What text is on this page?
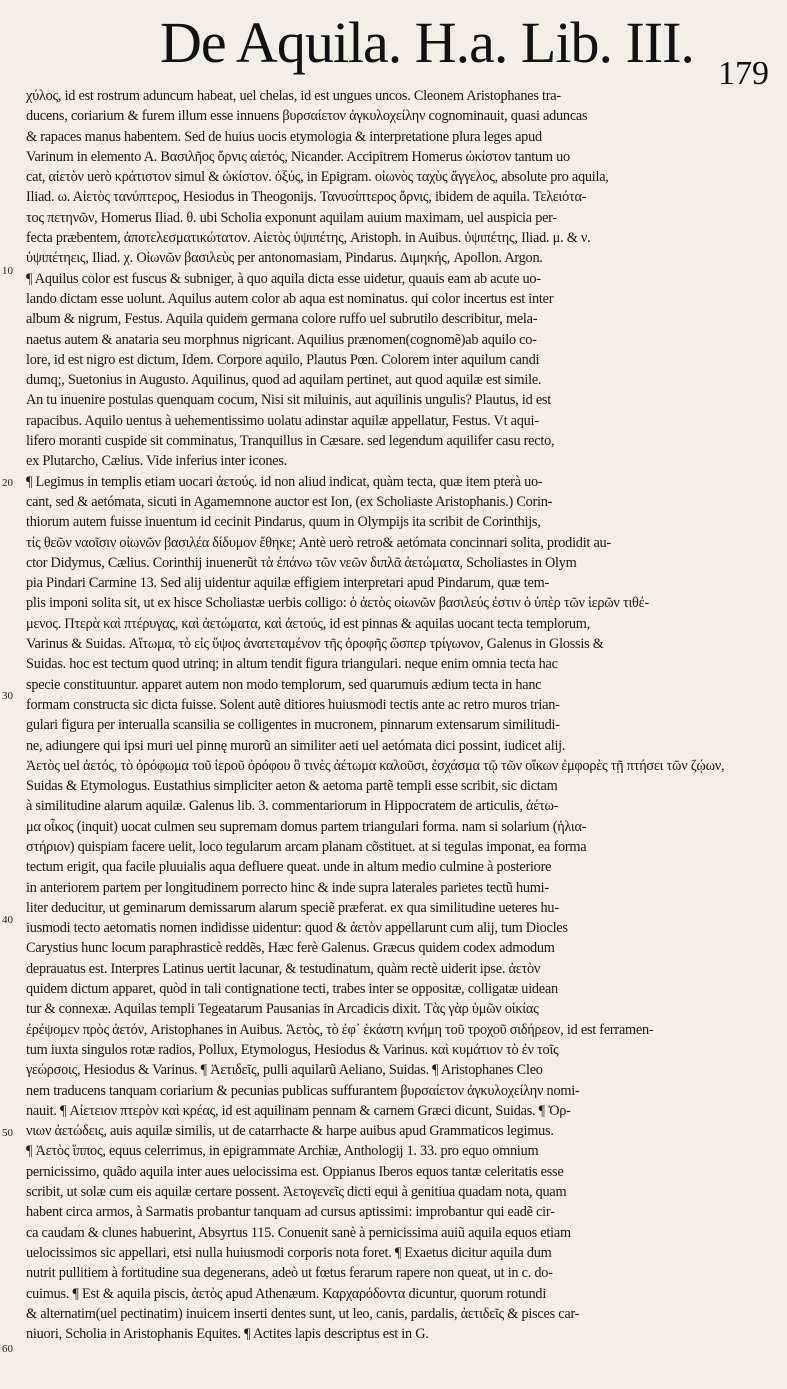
De Aquila. H.a. Lib. III. 179
10
20
30
40
50
60
χύλος, id est rostrum aduncum habeat, uel chelas, id est ungues uncos. Cleonem Aristophanes tra-
ducens, coriarium & furem illum esse innuens βυρσαίετον ἀγκυλοχείλην cognominauit, quasi aduncas
& rapaces manus habentem. Sed de huius uocis etymologia & interpretatione plura leges apud
Varinum in elemento A. Βασιλῆος ὄρνις αἰετός, Nicander. Accipitrem Homerus ὠκίστον tantum uo
cat, αἰετὸν uerò κράτιστον simul & ὠκίστον. ὀξύς, in Epigram. οἰωνὸς ταχὺς ἄγγελος, absolute pro aquila,
Iliad. ω. Αἰετὸς τανύπτερος, Hesiodus in Theogonijs. Τανυσίπτερος ὄρνις, ibidem de aquila. Τελειότα-
τος πετηνῶν, Homerus Iliad. θ. ubi Scholia exponunt aquilam auium maximam, uel auspicia per-
fecta præbentem, ἀποτελεσματικώτατον. Αἰετὸς ὑψιπέτης, Aristoph. in Auibus. ὑψιπέτης, Iliad. μ. & ν.
ὑψιπέτηεις, Iliad. χ. Οἰωνῶν βασιλεὺς per antonomasiam, Pindarus. Διμηκής, Apollon. Argon.
¶ Aquilus color est fuscus & subniger, à quo aquila dicta esse uidetur, quauis eam ab acute uo-
lando dictam esse uolunt. Aquilus autem color ab aqua est nominatus. qui color incertus est inter
album & nigrum, Festus. Aquila quidem germana colore ruffo uel subrutilo describitur, mela-
naetus autem & anataria seu morphnus nigricant. Aquilius prænomen(cognomẽ)ab aquilo co-
lore, id est nigro est dictum, Idem. Corpore aquilo, Plautus Pœn. Colorem inter aquilum candi
dumq;, Suetonius in Augusto. Aquilinus, quod ad aquilam pertinet, aut quod aquilæ est simile.
An tu inuenire postulas quenquam cocum, Nisi sit miluinis, aut aquilinis ungulis? Plautus, id est
rapacibus. Aquilo uentus à uehementissimo uolatu adinstar aquilæ appellatur, Festus. Vt aqui-
lifero moranti cuspide sit comminatus, Tranquillus in Cæsare. sed legendum aquilifer casu recto,
ex Plutarcho, Cælius. Vide inferius inter icones.
¶ Legimus in templis etiam uocari ἀετούς. id non aliud indicat, quàm tecta, quæ item pterà uo-
cant, sed & aetómata, sicuti in Agamemnone auctor est Ion, (ex Scholiaste Aristophanis.) Corin-
thiorum autem fuisse inuentum id cecinit Pindarus, quum in Olympijs ita scribit de Corinthijs,
τίς θεῶν ναοῖσιν οἰωνῶν βασιλέα δίδυμον ἔθηκε; Antè uerò retro& aetómata concinnari solita, prodidit au-
ctor Didymus, Cælius. Corinthij inuenerũt τὰ ἐπάνω τῶν νεῶν διπλᾶ ἀετώματα, Scholiastes in Olym
pia Pindari Carmine 13. Sed alij uidentur aquilæ effigiem interpretari apud Pindarum, quæ tem-
plis imponi solita sit, ut ex hisce Scholiastæ uerbis colligo: ὁ ἀετὸς οἰωνῶν βασιλεύς ἐστιν ὁ ὑπὲρ τῶν ἱερῶν τιθέ-
μενος. Πτερὰ καὶ πτέρυγας, καὶ ἀετώματα, καὶ ἀετούς, id est pinnas & aquilas uocant tecta templorum,
Varinus & Suidas. Αἴτωμα, τὸ εἰς ὕψος ἀνατεταμένον τῆς ὀροφῆς ὥσπερ τρίγωνον, Galenus in Glossis &
Suidas. hoc est tectum quod utrinq; in altum tendit figura triangulari. neque enim omnia tecta hac
specie constituuntur. apparet autem non modo templorum, sed quarumuis ædium tecta in hanc
formam constructa sic dicta fuisse. Solent autẽ ditiores huiusmodi tectis ante ac retro muros trian-
gulari figura per interualla scansilia se colligentes in mucronem, pinnarum extensarum similitudi-
ne, adiungere qui ipsi muri uel pinnę murorũ an similiter aeti uel aetómata dici possint, iudicet alij.
Ἀετὸς uel ἀετός, τὸ ὀρόφωμα τοῦ ἱεροῦ ὀρόφου ὃ τινὲς ἀέτωμα καλοῦσι, ἐσχάσμα τῷ τῶν οἴκων ἐμφορὲς τῇ πτήσει τῶν ζῴων,
Suidas & Etymologus. Eustathius simpliciter aeton & aetoma partẽ templi esse scribit, sic dictam
à similitudine alarum aquilæ. Galenus lib. 3. commentariorum in Hippocratem de articulis, ἀέτω-
μα οἶκος (inquit) uocat culmen seu supremam domus partem triangulari forma. nam si solarium (ἡλια-
στήριον) quispiam facere uelit, loco tegularum arcam planam cõstituet. at si tegulas imponat, ea forma
tectum erigit, qua facile pluuialis aqua defluere queat. unde in altum medio culmine à posteriore
in anteriorem partem per longitudinem porrecto hinc & inde supra laterales parietes tectũ humi-
liter deducitur, ut geminarum demissarum alarum speciẽ præferat. ex qua similitudine ueteres hu-
iusmodi tecto aetomatis nomen indidisse uidentur: quod & ἀετὸν appellarunt cum alij, tum Diocles
Carystius hunc locum paraphrasticè reddẽs, Hæc ferè Galenus. Græcus quidem codex admodum
deprauatus est. Interpres Latinus uertit lacunar, & testudinatum, quàm rectè uiderit ipse. ἀετὸν
quidem dictum apparet, quòd in tali contignatione tecti, trabes inter se oppositæ, colligatæ uidean
tur & connexæ. Aquilas templi Tegeatarum Pausanias in Arcadicis dixit. Τὰς γὰρ ὑμῶν οἰκίας
ἐρέψομεν πρὸς ἀετόν, Aristophanes in Auibus. Ἀετὸς, τὸ ἐφ᾽ ἑκάστη κνήμη τοῦ τροχοῦ σιδήρεον, id est ferramen-
tum iuxta singulos rotæ radios, Pollux, Etymologus, Hesiodus & Varinus. καὶ κυμάτιον τὸ ἐν τοῖς
γεώρσοις, Hesiodus & Varinus. ¶ Ἀετιδεῖς, pulli aquilarũ Aeliano, Suidas. ¶ Aristophanes Cleo
nem traducens tanquam coriarium & pecunias publicas suffurantem βυρσαίετον ἀγκυλοχείλην nomi-
nauit. ¶ Αἰετειον πτερὸν καὶ κρέας, id est aquilinam pennam & carnem Græci dicunt, Suidas. ¶ Ὀρ-
νιων ἀετώδεις, auis aquilæ similis, ut de catarrhacte & harpe auibus apud Grammaticos legimus.
¶ Ἀετὸς ἵππος, equus celerrimus, in epigrammate Archiæ, Anthologij 1. 33. pro equo omnium
pernicissimo, quãdo aquila inter aues uelocissima est. Oppianus Iberos equos tantæ celeritatis esse
scribit, ut solæ cum eis aquilæ certare possent. Ἀετογενεῖς dicti equi à genitiua quadam nota, quam
habent circa armos, à Sarmatis probantur tanquam ad cursus aptissimi: improbantur qui eadẽ cir-
ca caudam & clunes habuerint, Absyrtus 115. Conuenit sanè à pernicissima auiũ aquila equos etiam
uelocissimos sic appellari, etsi nulla huiusmodi corporis nota foret. ¶ Exaetus dicitur aquila dum
nutrit pullitiem à fortitudine sua degenerans, adeò ut fœtus ferarum rapere non queat, ut in c. do-
cuimus. ¶ Est & aquila piscis, ἀετὸς apud Athenæum. Καρχαρόδοντα dicuntur, quorum rotundi
& alternatim(uel pectinatim) inuicem inserti dentes sunt, ut leo, canis, pardalis, ἀετιδεῖς & pisces car-
niuori, Scholia in Aristophanis Equites. ¶ Actites lapis descriptus est in G.
